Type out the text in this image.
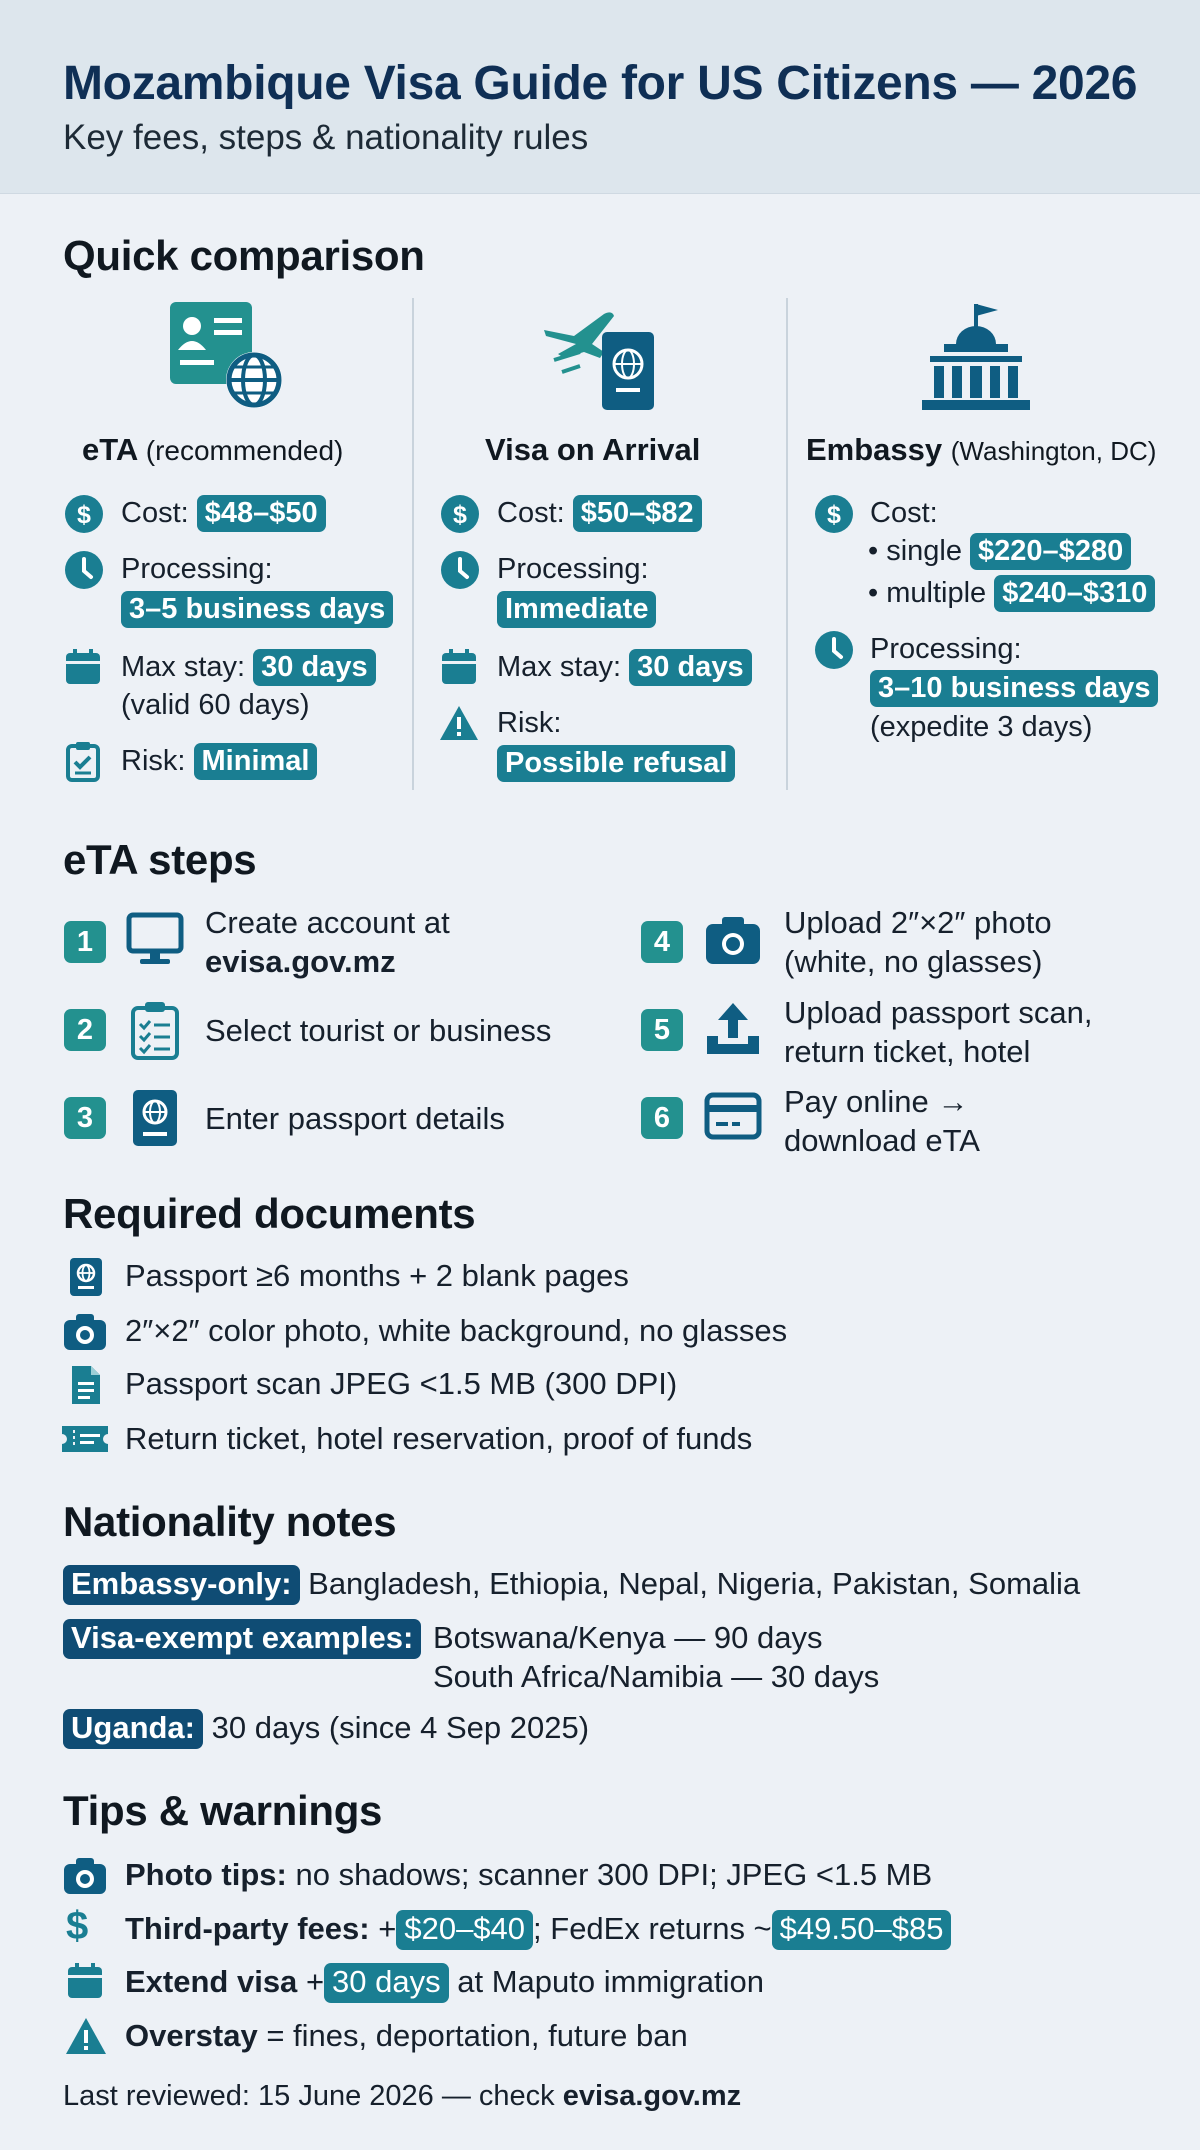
Mozambique Visa Guide for US Citizens — 2026
Key fees, steps & nationality rules
Quick comparison
eTA (recommended)
$ Cost: $48–$50
Processing:
3–5 business days
Max stay: 30 days
(valid 60 days)
Risk: Minimal
Visa on Arrival
$ Cost: $50–$82
Processing:
Immediate
Max stay: 30 days
Risk:
Possible refusal
Embassy (Washington, DC)
$ Cost:
• single $220–$280
• multiple $240–$310
Processing:
3–10 business days
(expedite 3 days)
eTA steps
1
Create account at
evisa.gov.mz
2	Select tourist or business
3	Enter passport details
4
Upload 2″×2″ photo
(white, no glasses)
5	Upload passport scan,
return ticket, hotel
6	Pay online →
download eTA
Required documents
Passport ≥6 months + 2 blank pages
2″×2″ color photo, white background, no glasses
Passport scan JPEG <1.5 MB (300 DPI)
Return ticket, hotel reservation, proof of funds
Nationality notes
Embassy-only: Bangladesh, Ethiopia, Nepal, Nigeria, Pakistan, Somalia
Visa-exempt examples: Botswana/Kenya — 90 days
South Africa/Namibia — 30 days
Uganda: 30 days (since 4 Sep 2025)
Tips & warnings
Photo tips: no shadows; scanner 300 DPI; JPEG <1.5 MB
$ Third-party fees: + $20–$40 ; FedEx returns ~ $49.50–$85
Extend visa + 30 days at Maputo immigration
Overstay = fines, deportation, future ban
Last reviewed: 15 June 2026 — check evisa.gov.mz
